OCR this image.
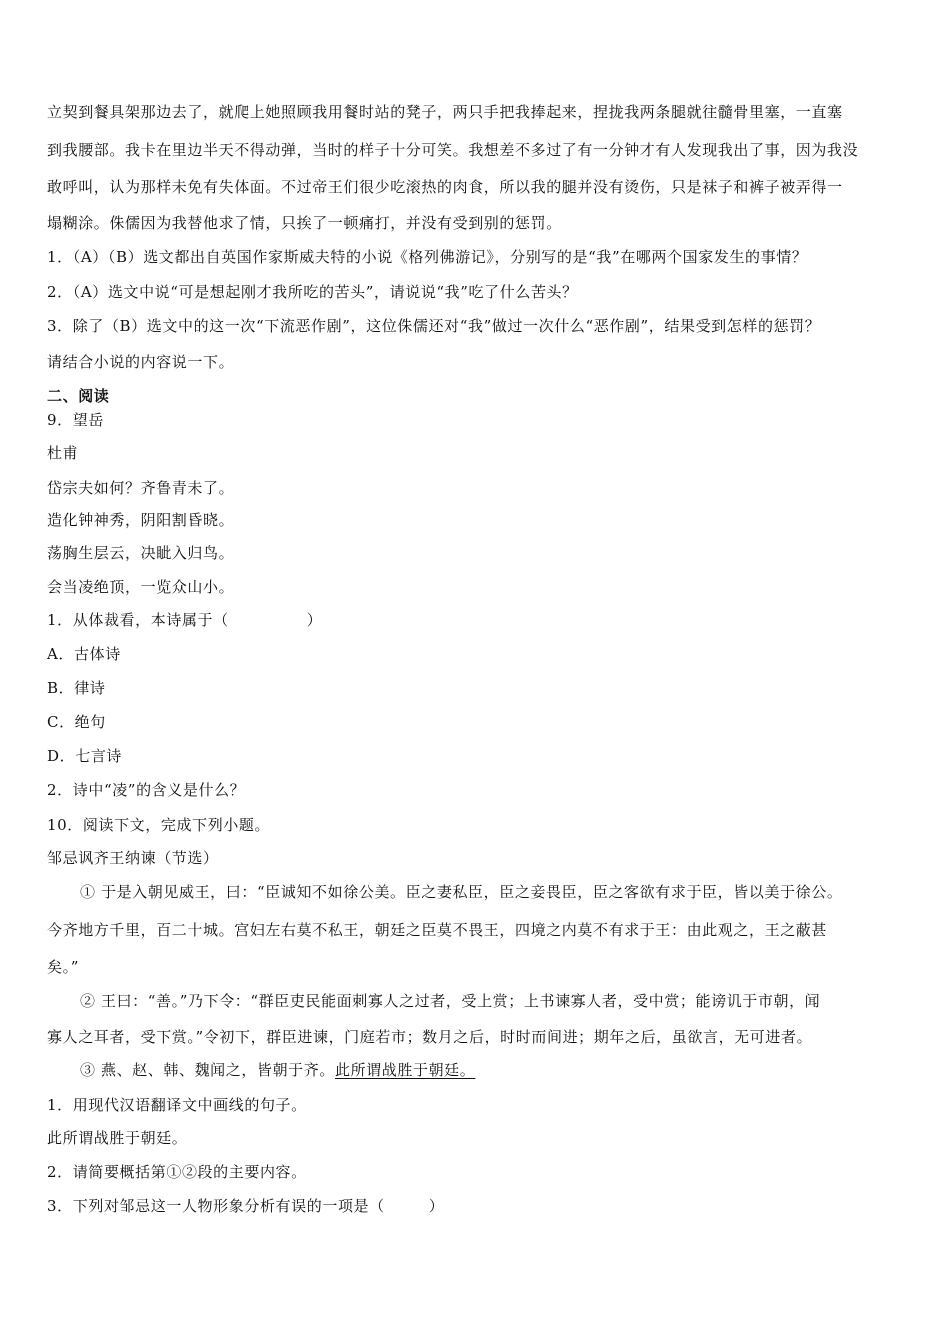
立契到餐具架那边去了，就爬上她照顾我用餐时站的凳子，两只手把我捧起来，捏拢我两条腿就往髓骨里塞，一直塞
到我腰部。我卡在里边半天不得动弹，当时的样子十分可笑。我想差不多过了有一分钟才有人发现我出了事，因为我没
敢呼叫，认为那样未免有失体面。不过帝王们很少吃滚热的肉食，所以我的腿并没有烫伤，只是袜子和裤子被弄得一
塌糊涂。侏儒因为我替他求了情，只挨了一顿痛打，并没有受到别的惩罚。
1．（A）（B）选文都出自英国作家斯威夫特的小说《格列佛游记》，分别写的是“我”在哪两个国家发生的事情？
2．（A）选文中说“可是想起刚才我所吃的苦头”，请说说“我”吃了什么苦头？
3．除了（B）选文中的这一次“下流恶作剧”，这位侏儒还对“我”做过一次什么“恶作剧”，结果受到怎样的惩罚？
请结合小说的内容说一下。
二、阅读
9．望岳
杜甫
岱宗夫如何？齐鲁青未了。
造化钟神秀，阴阳割昏晓。
荡胸生层云，决眦入归鸟。
会当凌绝顶，一览众山小。
1．从体裁看，本诗属于（	）
A．古体诗
B．律诗
C．绝句
D．七言诗
2．诗中“凌”的含义是什么？
10．阅读下文，完成下列小题。
邹忌讽齐王纳谏（节选）
① 于是入朝见威王，曰：“臣诚知不如徐公美。臣之妻私臣，臣之妾畏臣，臣之客欲有求于臣，皆以美于徐公。
今齐地方千里，百二十城。宫妇左右莫不私王，朝廷之臣莫不畏王，四境之内莫不有求于王：由此观之，王之蔽甚
矣。”
② 王曰：“善。”乃下令：“群臣吏民能面刺寡人之过者，受上赏；上书谏寡人者，受中赏；能谤讥于市朝，闻
寡人之耳者，受下赏。”令初下，群臣进谏，门庭若市；数月之后，时时而间进；期年之后，虽欲言，无可进者。
③ 燕、赵、韩、魏闻之，皆朝于齐。此所谓战胜于朝廷。
1．用现代汉语翻译文中画线的句子。
此所谓战胜于朝廷。
2．请简要概括第①②段的主要内容。
3．下列对邹忌这一人物形象分析有误的一项是（	）
